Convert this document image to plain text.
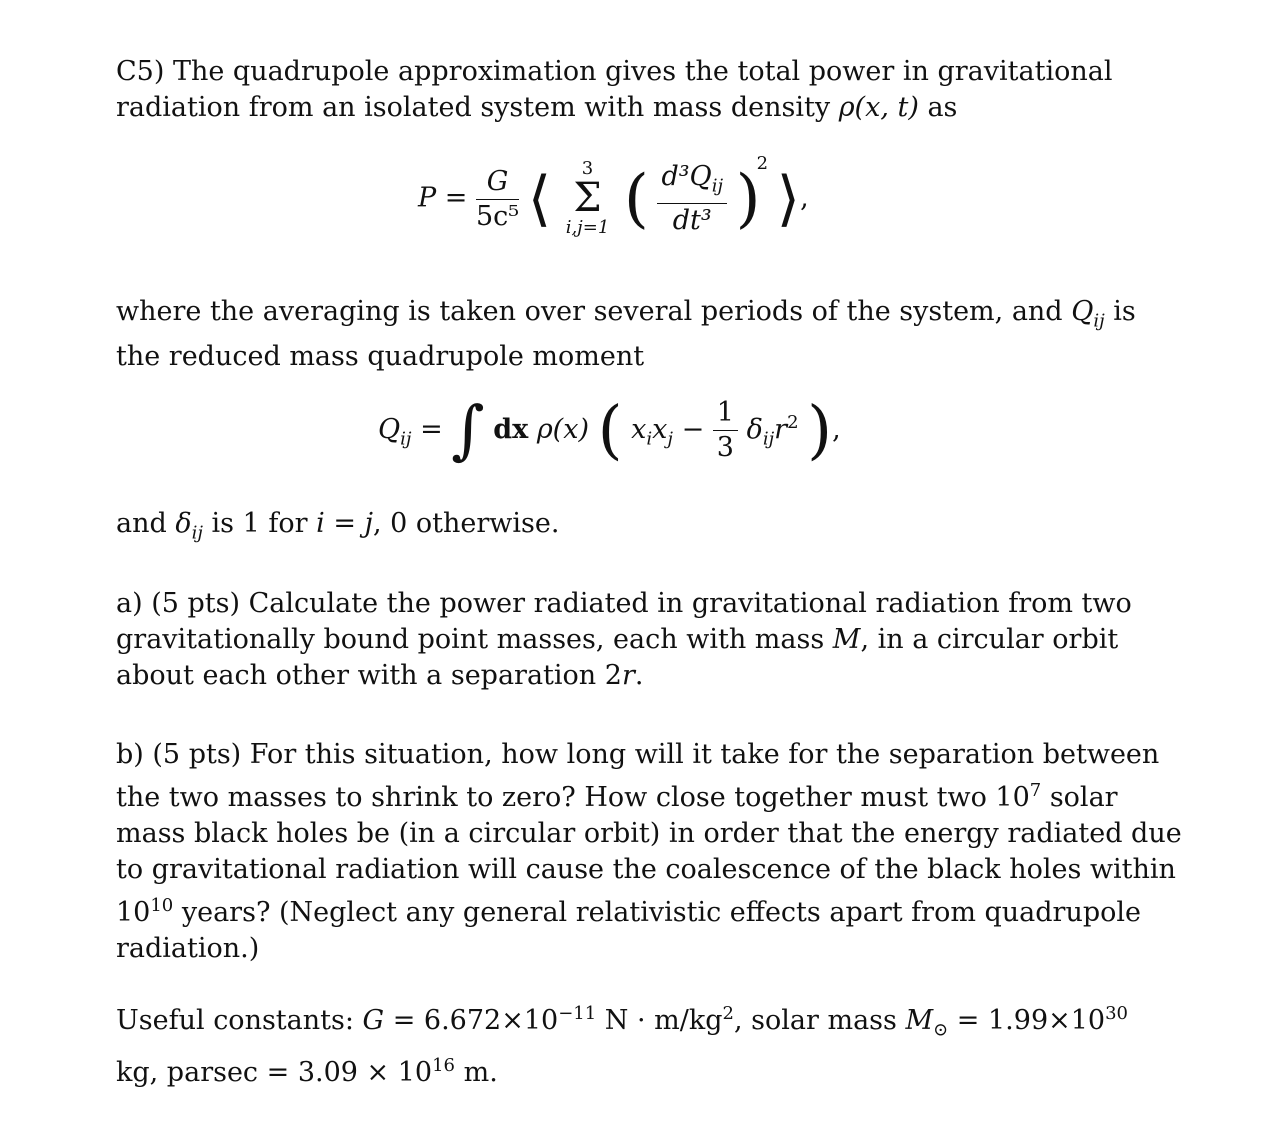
C5) The quadrupole approximation gives the total power in gravitational
radiation from an isolated system with mass density ρ(x, t) as
$P = \frac{G}{\text{5c⁵}}$ ⟨	3
Σ
i,j=1 ( $\frac{d^3Q_{ij}}{\text{dt³}} )^2$ ⟩,
where the averaging is taken over several periods of the system, and $Q_{ij}$ is
the reduced mass quadrupole moment
$Q_{ij}$ = ∫ dx ρ(x) ( $x_ix_j - \frac{1}{3} \delta_{ij}r^2$ ),
and $\delta_{ij}$ is 1 for i = j, 0 otherwise.
a) (5 pts) Calculate the power radiated in gravitational radiation from two
gravitationally bound point masses, each with mass M, in a circular orbit
about each other with a separation 2r.
b) (5 pts) For this situation, how long will it take for the separation between
the two masses to shrink to zero? How close together must two $10^7$ solar
mass black holes be (in a circular orbit) in order that the energy radiated due
to gravitational radiation will cause the coalescence of the black holes within
$10^{10}$ years? (Neglect any general relativistic effects apart from quadrupole
radiation.)
Useful constants: $G = 6.672\times 10^{-11}$ $N \cdot m/kg^2$, solar mass $M_⊙ = 1.99\times 10^{30}$
kg, $parsec = 3.09 \times 10^{16}$ m.
